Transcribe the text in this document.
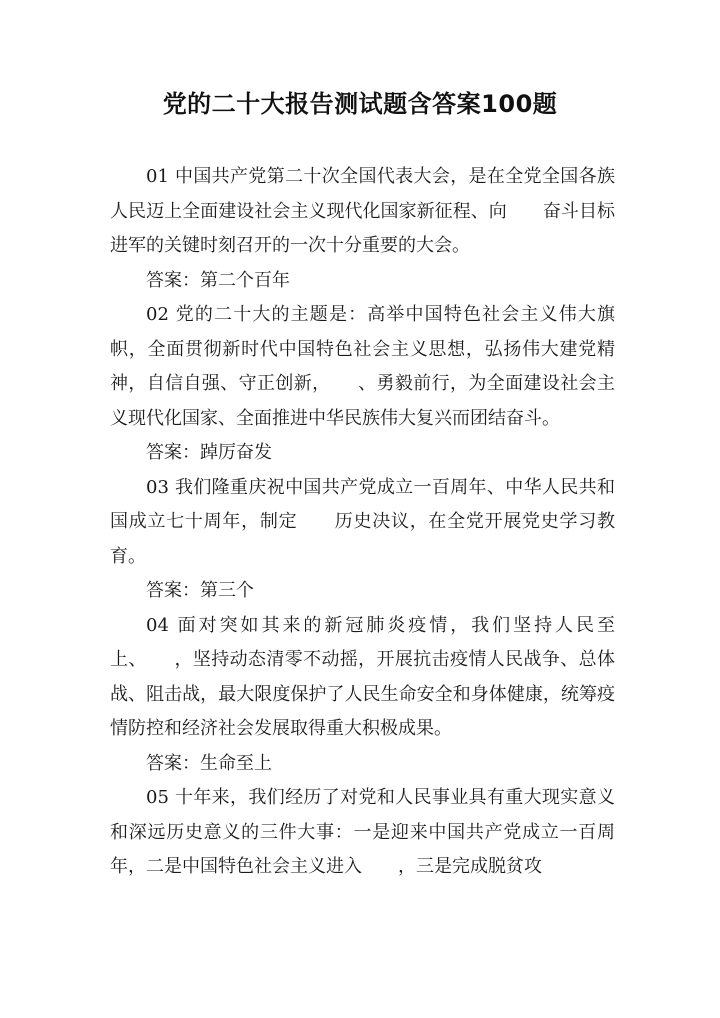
党的二十大报告测试题含答案100题

01 中国共产党第二十次全国代表大会，是在全党全国各族人民迈上全面建设社会主义现代化国家新征程、向　　奋斗目标进军的关键时刻召开的一次十分重要的大会。

答案：第二个百年

02 党的二十大的主题是：高举中国特色社会主义伟大旗帜，全面贯彻新时代中国特色社会主义思想，弘扬伟大建党精神，自信自强、守正创新，　　、勇毅前行，为全面建设社会主义现代化国家、全面推进中华民族伟大复兴而团结奋斗。

答案：踔厉奋发

03 我们隆重庆祝中国共产党成立一百周年、中华人民共和国成立七十周年，制定　　历史决议，在全党开展党史学习教育。

答案：第三个

04 面对突如其来的新冠肺炎疫情，我们坚持人民至上、　　，坚持动态清零不动摇，开展抗击疫情人民战争、总体战、阻击战，最大限度保护了人民生命安全和身体健康，统筹疫情防控和经济社会发展取得重大积极成果。

答案：生命至上

05 十年来，我们经历了对党和人民事业具有重大现实意义和深远历史意义的三件大事：一是迎来中国共产党成立一百周年，二是中国特色社会主义进入　　，三是完成脱贫攻
